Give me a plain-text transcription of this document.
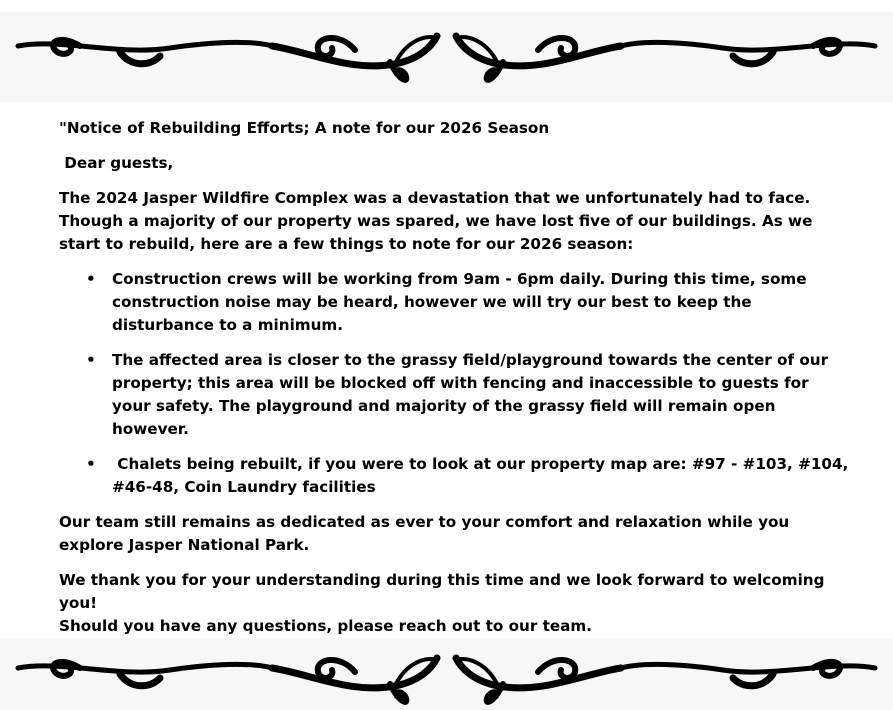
"Notice of Rebuilding Efforts; A note for our 2026 Season

Dear guests,

The 2024 Jasper Wildfire Complex was a devastation that we unfortunately had to face. Though a majority of our property was spared, we have lost five of our buildings. As we start to rebuild, here are a few things to note for our 2026 season:

• Construction crews will be working from 9am - 6pm daily. During this time, some construction noise may be heard, however we will try our best to keep the disturbance to a minimum.
• The affected area is closer to the grassy field/playground towards the center of our property; this area will be blocked off with fencing and inaccessible to guests for your safety. The playground and majority of the grassy field will remain open however.
•  Chalets being rebuilt, if you were to look at our property map are: #97 - #103, #104, #46-48, Coin Laundry facilities

Our team still remains as dedicated as ever to your comfort and relaxation while you explore Jasper National Park.

We thank you for your understanding during this time and we look forward to welcoming you!

Should you have any questions, please reach out to our team.
